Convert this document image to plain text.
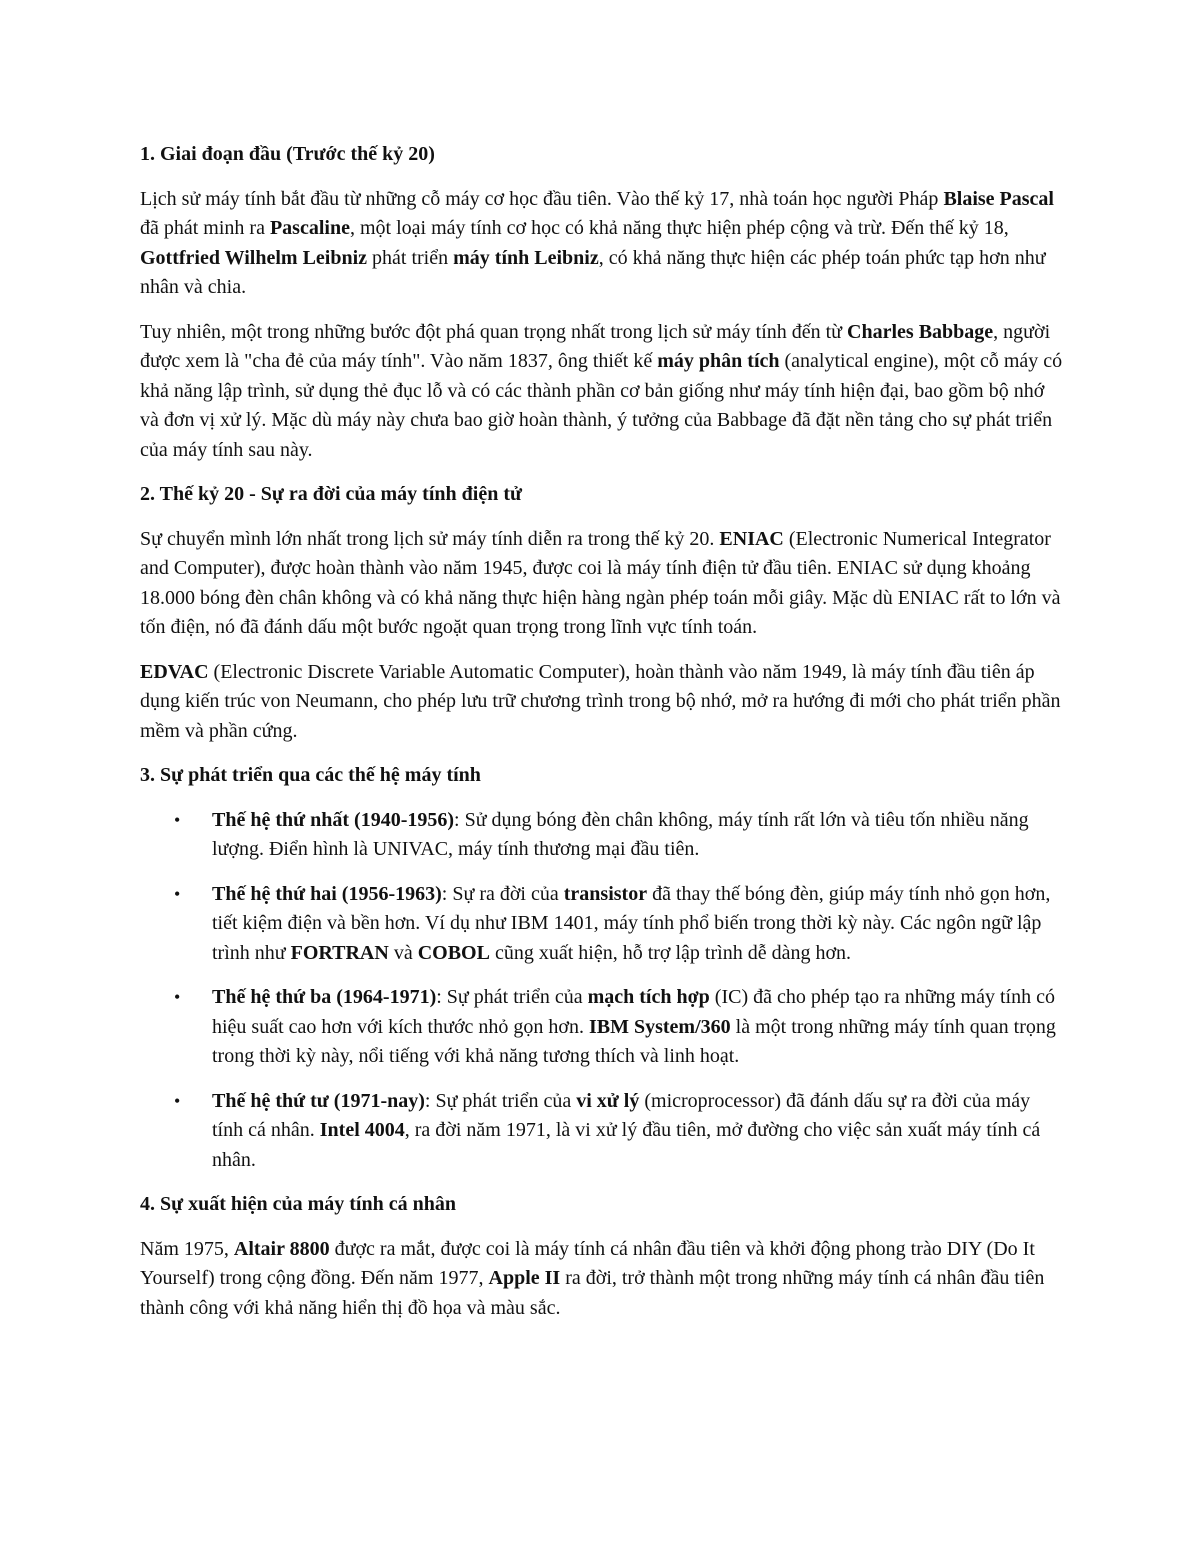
1. Giai đoạn đầu (Trước thế kỷ 20)

Lịch sử máy tính bắt đầu từ những cỗ máy cơ học đầu tiên. Vào thế kỷ 17, nhà toán học người Pháp Blaise Pascal đã phát minh ra Pascaline, một loại máy tính cơ học có khả năng thực hiện phép cộng và trừ. Đến thế kỷ 18, Gottfried Wilhelm Leibniz phát triển máy tính Leibniz, có khả năng thực hiện các phép toán phức tạp hơn như nhân và chia.

Tuy nhiên, một trong những bước đột phá quan trọng nhất trong lịch sử máy tính đến từ Charles Babbage, người được xem là "cha đẻ của máy tính". Vào năm 1837, ông thiết kế máy phân tích (analytical engine), một cỗ máy có khả năng lập trình, sử dụng thẻ đục lỗ và có các thành phần cơ bản giống như máy tính hiện đại, bao gồm bộ nhớ và đơn vị xử lý. Mặc dù máy này chưa bao giờ hoàn thành, ý tưởng của Babbage đã đặt nền tảng cho sự phát triển của máy tính sau này.

2. Thế kỷ 20 - Sự ra đời của máy tính điện tử

Sự chuyển mình lớn nhất trong lịch sử máy tính diễn ra trong thế kỷ 20. ENIAC (Electronic Numerical Integrator and Computer), được hoàn thành vào năm 1945, được coi là máy tính điện tử đầu tiên. ENIAC sử dụng khoảng 18.000 bóng đèn chân không và có khả năng thực hiện hàng ngàn phép toán mỗi giây. Mặc dù ENIAC rất to lớn và tốn điện, nó đã đánh dấu một bước ngoặt quan trọng trong lĩnh vực tính toán.

EDVAC (Electronic Discrete Variable Automatic Computer), hoàn thành vào năm 1949, là máy tính đầu tiên áp dụng kiến trúc von Neumann, cho phép lưu trữ chương trình trong bộ nhớ, mở ra hướng đi mới cho phát triển phần mềm và phần cứng.

3. Sự phát triển qua các thế hệ máy tính
• Thế hệ thứ nhất (1940-1956): Sử dụng bóng đèn chân không, máy tính rất lớn và tiêu tốn nhiều năng lượng. Điển hình là UNIVAC, máy tính thương mại đầu tiên.
• Thế hệ thứ hai (1956-1963): Sự ra đời của transistor đã thay thế bóng đèn, giúp máy tính nhỏ gọn hơn, tiết kiệm điện và bền hơn. Ví dụ như IBM 1401, máy tính phổ biến trong thời kỳ này. Các ngôn ngữ lập trình như FORTRAN và COBOL cũng xuất hiện, hỗ trợ lập trình dễ dàng hơn.
• Thế hệ thứ ba (1964-1971): Sự phát triển của mạch tích hợp (IC) đã cho phép tạo ra những máy tính có hiệu suất cao hơn với kích thước nhỏ gọn hơn. IBM System/360 là một trong những máy tính quan trọng trong thời kỳ này, nổi tiếng với khả năng tương thích và linh hoạt.
• Thế hệ thứ tư (1971-nay): Sự phát triển của vi xử lý (microprocessor) đã đánh dấu sự ra đời của máy tính cá nhân. Intel 4004, ra đời năm 1971, là vi xử lý đầu tiên, mở đường cho việc sản xuất máy tính cá nhân.
4. Sự xuất hiện của máy tính cá nhân

Năm 1975, Altair 8800 được ra mắt, được coi là máy tính cá nhân đầu tiên và khởi động phong trào DIY (Do It Yourself) trong cộng đồng. Đến năm 1977, Apple II ra đời, trở thành một trong những máy tính cá nhân đầu tiên thành công với khả năng hiển thị đồ họa và màu sắc.
